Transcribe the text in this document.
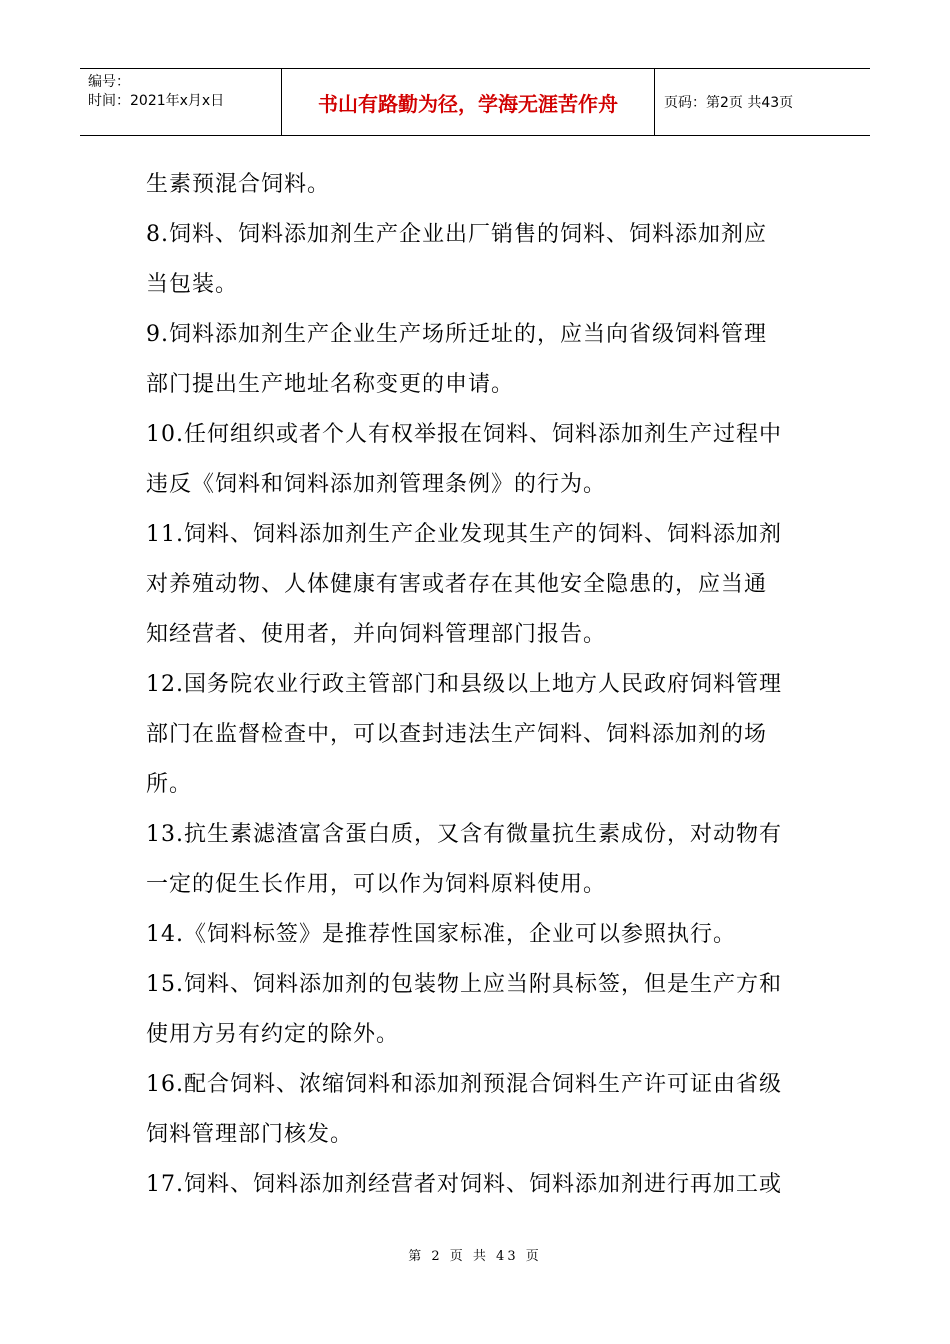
编号：
时间：2021年x月x日	书山有路勤为径，学海无涯苦作舟	页码：第2页 共43页
生素预混合饲料。
8.饲料、饲料添加剂生产企业出厂销售的饲料、饲料添加剂应
当包装。
9.饲料添加剂生产企业生产场所迁址的，应当向省级饲料管理
部门提出生产地址名称变更的申请。
10.任何组织或者个人有权举报在饲料、饲料添加剂生产过程中
违反《饲料和饲料添加剂管理条例》的行为。
11.饲料、饲料添加剂生产企业发现其生产的饲料、饲料添加剂
对养殖动物、人体健康有害或者存在其他安全隐患的，应当通
知经营者、使用者，并向饲料管理部门报告。
12.国务院农业行政主管部门和县级以上地方人民政府饲料管理
部门在监督检查中，可以查封违法生产饲料、饲料添加剂的场
所。
13.抗生素滤渣富含蛋白质，又含有微量抗生素成份，对动物有
一定的促生长作用，可以作为饲料原料使用。
14.《饲料标签》是推荐性国家标准，企业可以参照执行。
15.饲料、饲料添加剂的包装物上应当附具标签，但是生产方和
使用方另有约定的除外。
16.配合饲料、浓缩饲料和添加剂预混合饲料生产许可证由省级
饲料管理部门核发。
17.饲料、饲料添加剂经营者对饲料、饲料添加剂进行再加工或
第 2 页 共 43 页
